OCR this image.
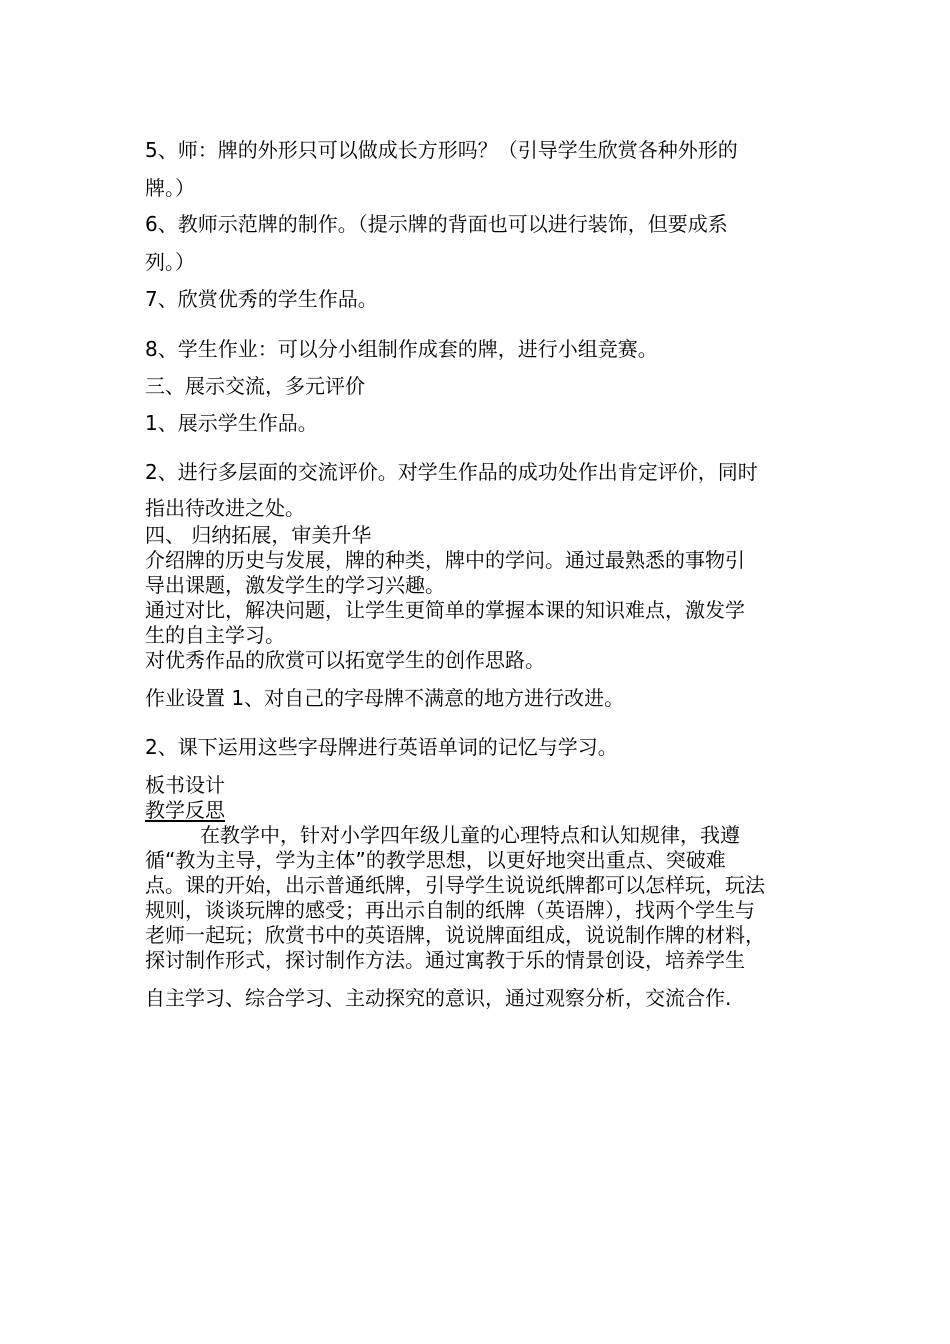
5、师：牌的外形只可以做成长方形吗？（引导学生欣赏各种外形的
牌。）
6、教师示范牌的制作。（提示牌的背面也可以进行装饰，但要成系
列。）
7、欣赏优秀的学生作品。
8、学生作业：可以分小组制作成套的牌，进行小组竞赛。
三、展示交流，多元评价
1、展示学生作品。
2、进行多层面的交流评价。对学生作品的成功处作出肯定评价，同时
指出待改进之处。
四、 归纳拓展，审美升华
介绍牌的历史与发展，牌的种类，牌中的学问。通过最熟悉的事物引
导出课题，激发学生的学习兴趣。
通过对比，解决问题，让学生更简单的掌握本课的知识难点，激发学
生的自主学习。
对优秀作品的欣赏可以拓宽学生的创作思路。
作业设置 1、对自己的字母牌不满意的地方进行改进。
2、课下运用这些字母牌进行英语单词的记忆与学习。
板书设计
教学反思
在教学中，针对小学四年级儿童的心理特点和认知规律，我遵
循“教为主导，学为主体”的教学思想，以更好地突出重点、突破难
点。课的开始，出示普通纸牌，引导学生说说纸牌都可以怎样玩，玩法
规则，谈谈玩牌的感受；再出示自制的纸牌（英语牌），找两个学生与
老师一起玩；欣赏书中的英语牌，说说牌面组成，说说制作牌的材料，
探讨制作形式，探讨制作方法。通过寓教于乐的情景创设，培养学生
自主学习、综合学习、主动探究的意识，通过观察分析，交流合作.
